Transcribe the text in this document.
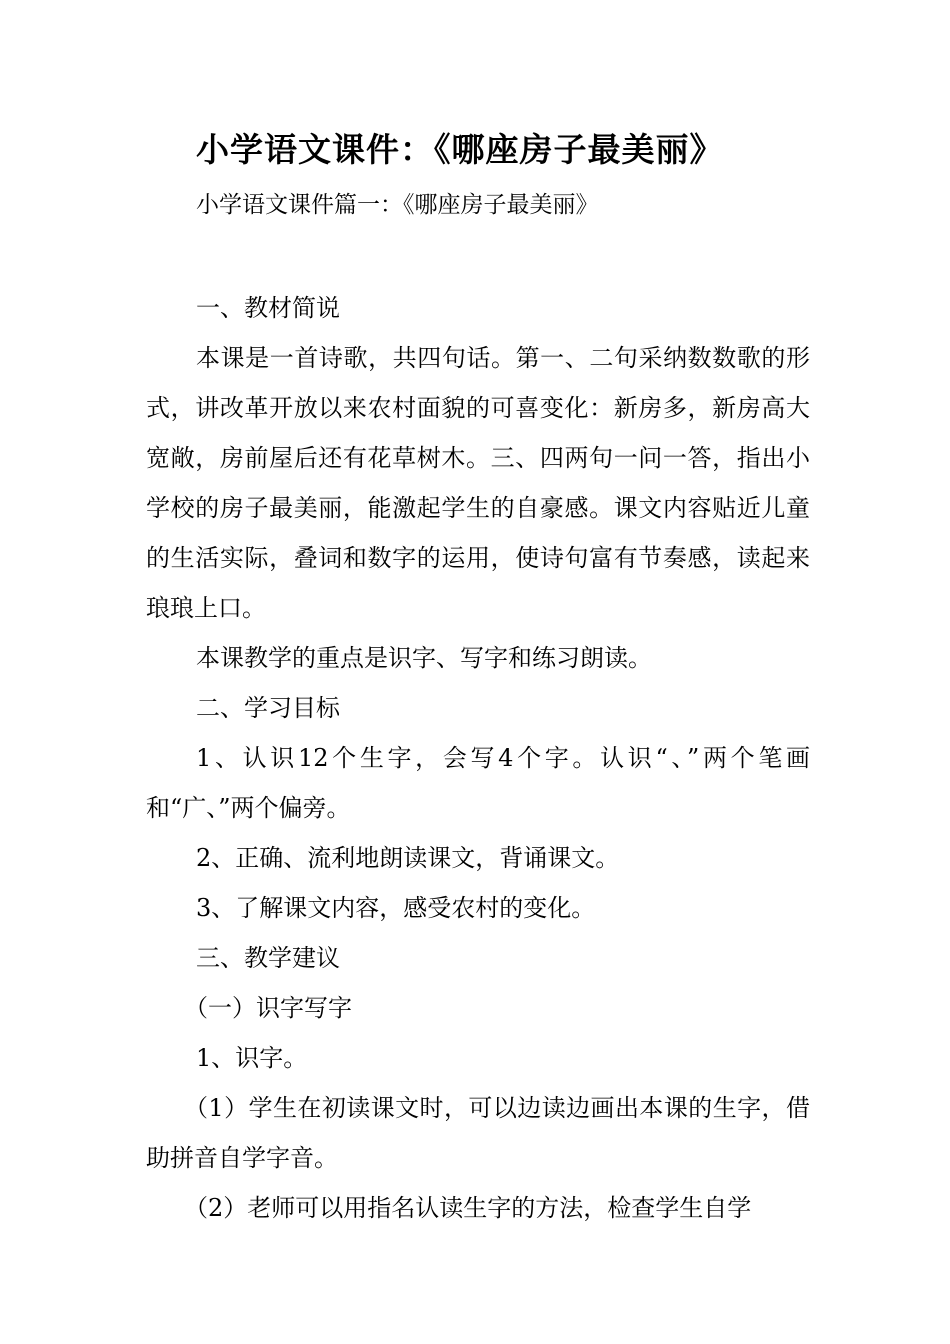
小学语文课件：《哪座房子最美丽》
小学语文课件篇一：《哪座房子最美丽》

一、教材简说

本课是一首诗歌，共四句话。第一、二句采纳数数歌的形式，讲改革开放以来农村面貌的可喜变化：新房多，新房高大宽敞，房前屋后还有花草树木。三、四两句一问一答，指出小学校的房子最美丽，能激起学生的自豪感。课文内容贴近儿童的生活实际，叠词和数字的运用，使诗句富有节奏感，读起来琅琅上口。

本课教学的重点是识字、写字和练习朗读。

二、学习目标

1、认识12个生字，会写4个字。认识“、”两个笔画和“广、”两个偏旁。

2、正确、流利地朗读课文，背诵课文。

3、了解课文内容，感受农村的变化。

三、教学建议

（一）识字写字

1、识字。

（1）学生在初读课文时，可以边读边画出本课的生字，借助拼音自学字音。

（2）老师可以用指名认读生字的方法，检查学生自学
